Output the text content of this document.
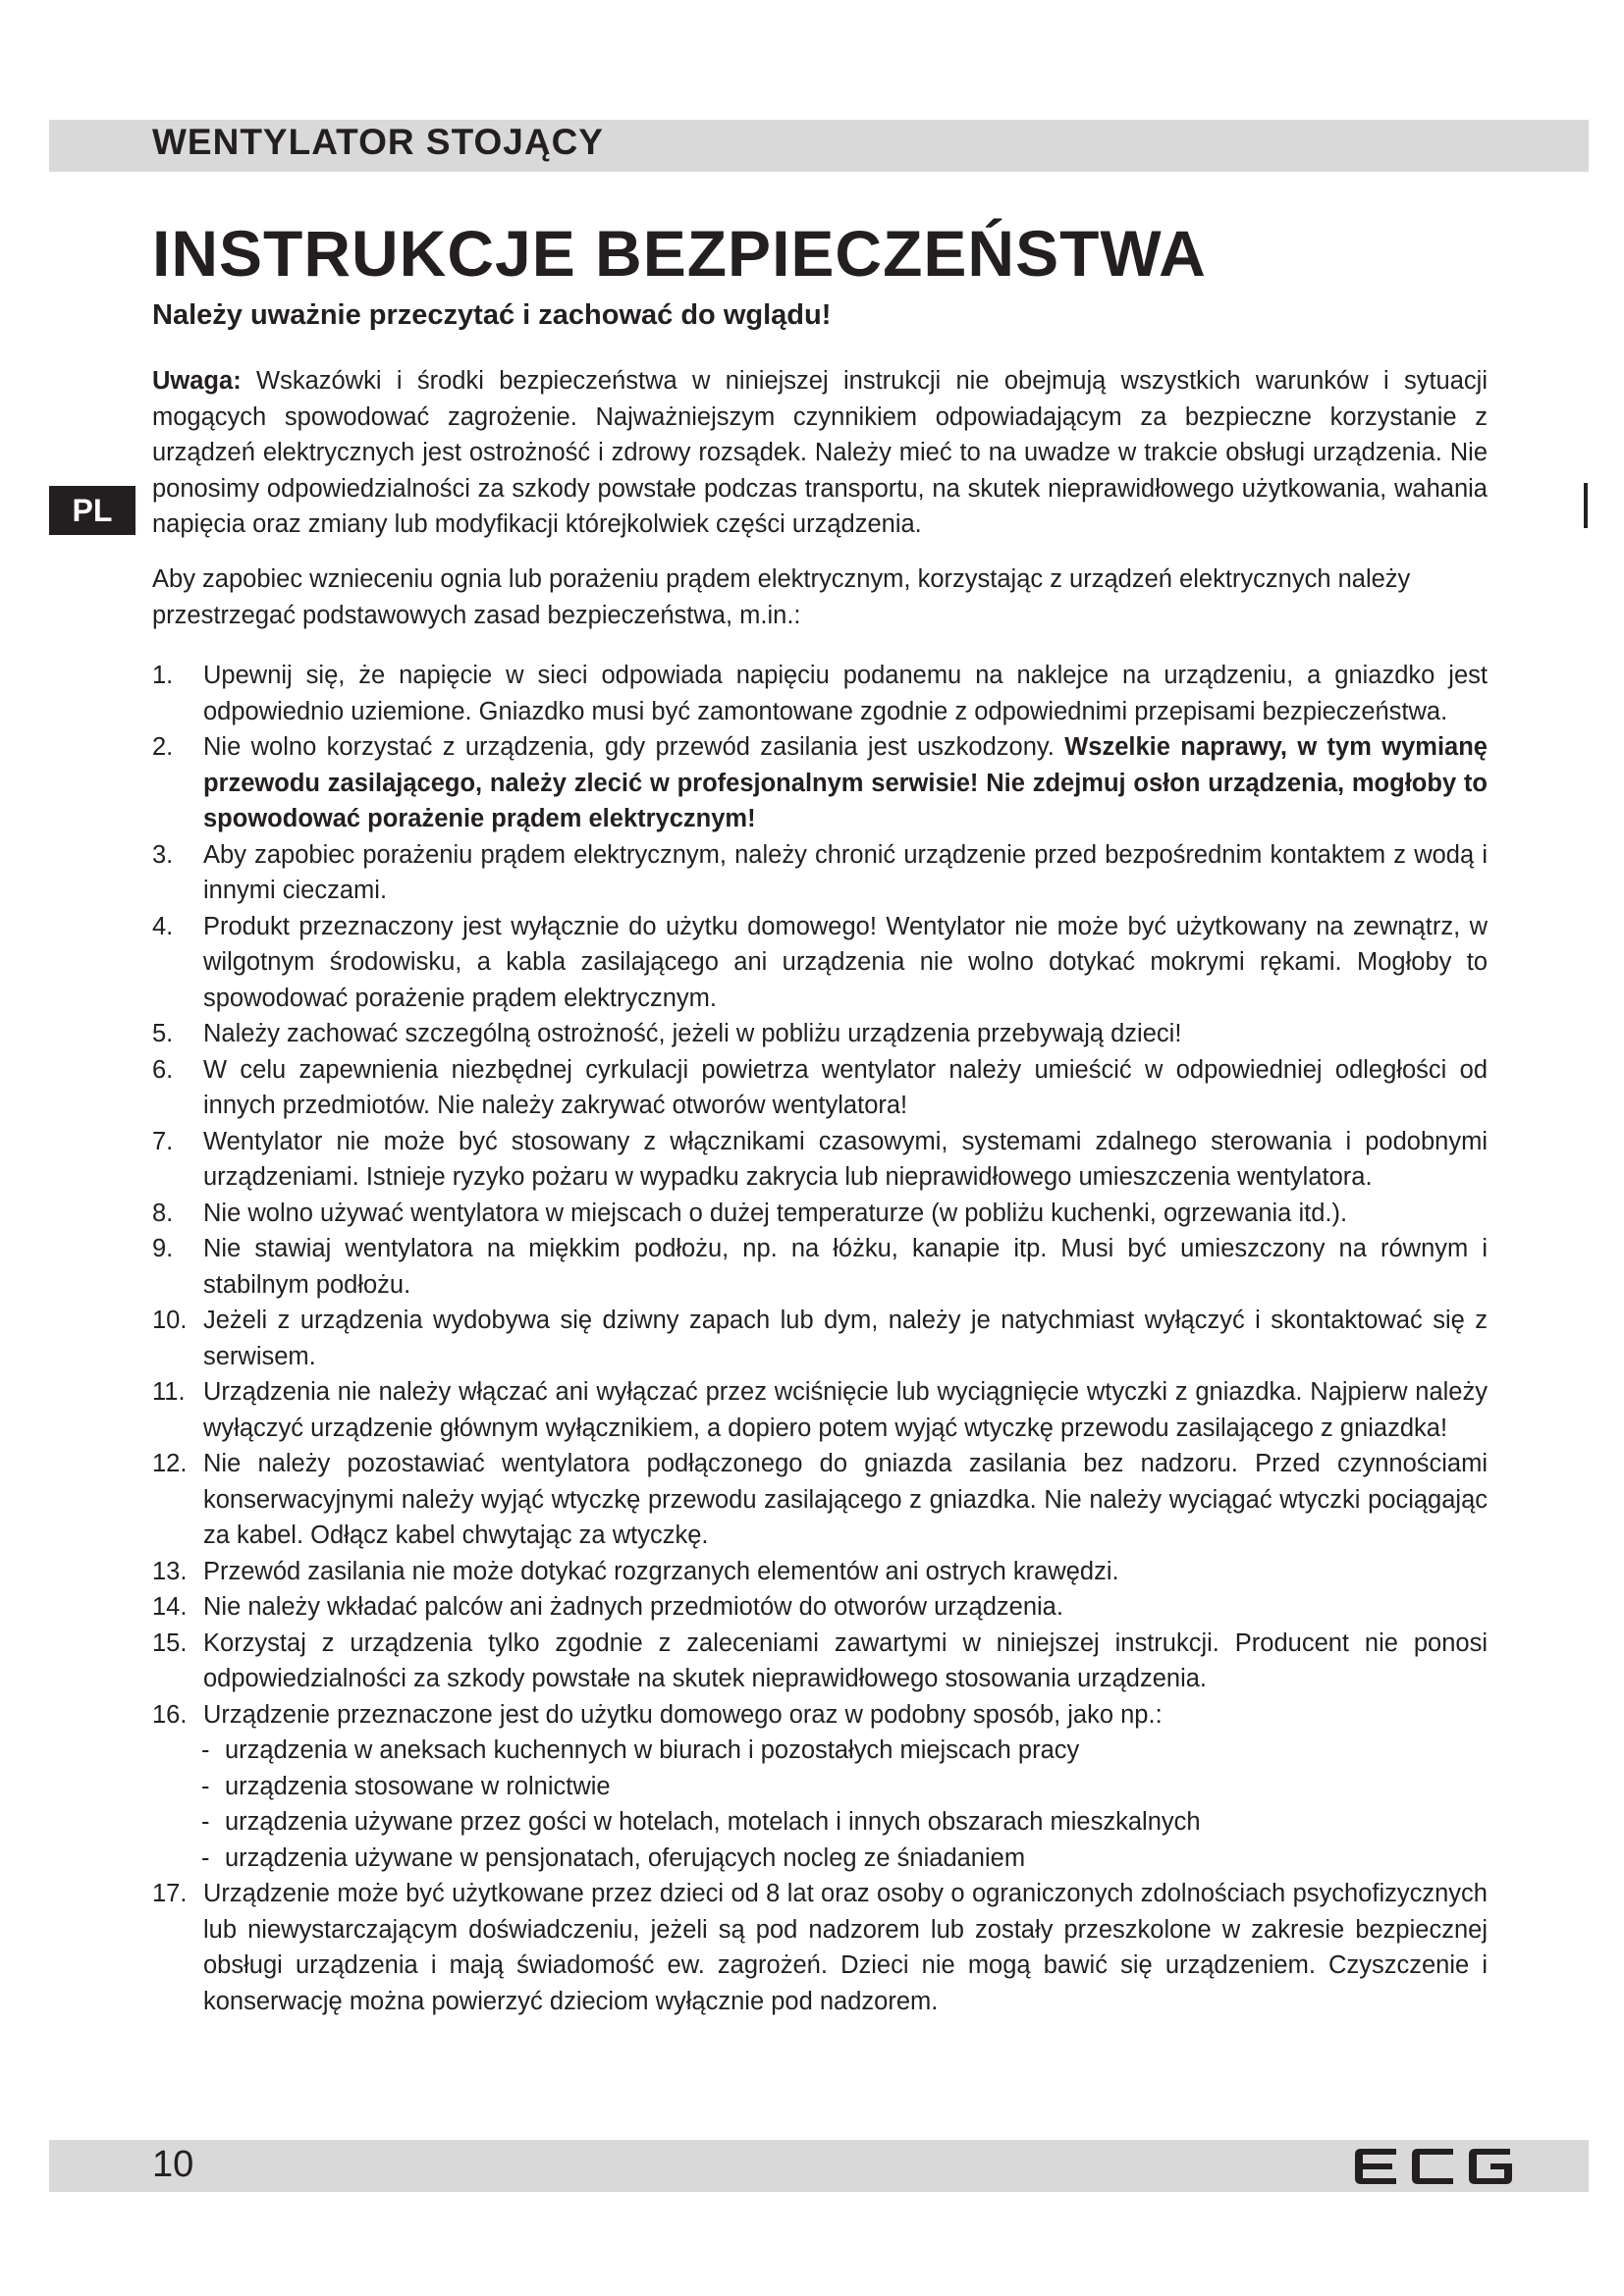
WENTYLATOR STOJĄCY
INSTRUKCJE BEZPIECZEŃSTWA
Należy uważnie przeczytać i zachować do wglądu!
PL

Uwaga: Wskazówki i środki bezpieczeństwa w niniejszej instrukcji nie obejmują wszystkich warunków i sytuacji mogących spowodować zagrożenie. Najważniejszym czynnikiem odpowiadającym za bezpieczne korzystanie z urządzeń elektrycznych jest ostrożność i zdrowy rozsądek. Należy mieć to na uwadze w trakcie obsługi urządzenia. Nie ponosimy odpowiedzialności za szkody powstałe podczas transportu, na skutek nieprawidłowego użytkowania, wahania napięcia oraz zmiany lub modyfikacji którejkolwiek części urządzenia.

Aby zapobiec wznieceniu ognia lub porażeniu prądem elektrycznym, korzystając z urządzeń elektrycznych należy przestrzegać podstawowych zasad bezpieczeństwa, m.in.:

1. Upewnij się, że napięcie w sieci odpowiada napięciu podanemu na naklejce na urządzeniu, a gniazdko jest odpowiednio uziemione. Gniazdko musi być zamontowane zgodnie z odpowiednimi przepisami bezpieczeństwa.
2. Nie wolno korzystać z urządzenia, gdy przewód zasilania jest uszkodzony. Wszelkie naprawy, w tym wymianę przewodu zasilającego, należy zlecić w profesjonalnym serwisie! Nie zdejmuj osłon urządzenia, mogłoby to spowodować porażenie prądem elektrycznym!
3. Aby zapobiec porażeniu prądem elektrycznym, należy chronić urządzenie przed bezpośrednim kontaktem z wodą i innymi cieczami.
4. Produkt przeznaczony jest wyłącznie do użytku domowego! Wentylator nie może być użytkowany na zewnątrz, w wilgotnym środowisku, a kabla zasilającego ani urządzenia nie wolno dotykać mokrymi rękami. Mogłoby to spowodować porażenie prądem elektrycznym.
5. Należy zachować szczególną ostrożność, jeżeli w pobliżu urządzenia przebywają dzieci!
6. W celu zapewnienia niezbędnej cyrkulacji powietrza wentylator należy umieścić w odpowiedniej odległości od innych przedmiotów. Nie należy zakrywać otworów wentylatora!
7. Wentylator nie może być stosowany z włącznikami czasowymi, systemami zdalnego sterowania i podobnymi urządzeniami. Istnieje ryzyko pożaru w wypadku zakrycia lub nieprawidłowego umieszczenia wentylatora.
8. Nie wolno używać wentylatora w miejscach o dużej temperaturze (w pobliżu kuchenki, ogrzewania itd.).
9. Nie stawiaj wentylatora na miękkim podłożu, np. na łóżku, kanapie itp. Musi być umieszczony na równym i stabilnym podłożu.
10. Jeżeli z urządzenia wydobywa się dziwny zapach lub dym, należy je natychmiast wyłączyć i skontaktować się z serwisem.
11. Urządzenia nie należy włączać ani wyłączać przez wciśnięcie lub wyciągnięcie wtyczki z gniazdka. Najpierw należy wyłączyć urządzenie głównym wyłącznikiem, a dopiero potem wyjąć wtyczkę przewodu zasilającego z gniazdka!
12. Nie należy pozostawiać wentylatora podłączonego do gniazda zasilania bez nadzoru. Przed czynnościami konserwacyjnymi należy wyjąć wtyczkę przewodu zasilającego z gniazdka. Nie należy wyciągać wtyczki pociągając za kabel. Odłącz kabel chwytając za wtyczkę.
13. Przewód zasilania nie może dotykać rozgrzanych elementów ani ostrych krawędzi.
14. Nie należy wkładać palców ani żadnych przedmiotów do otworów urządzenia.
15. Korzystaj z urządzenia tylko zgodnie z zaleceniami zawartymi w niniejszej instrukcji. Producent nie ponosi odpowiedzialności za szkody powstałe na skutek nieprawidłowego stosowania urządzenia.
16. Urządzenie przeznaczone jest do użytku domowego oraz w podobny sposób, jako np.:
- urządzenia w aneksach kuchennych w biurach i pozostałych miejscach pracy
- urządzenia stosowane w rolnictwie
- urządzenia używane przez gości w hotelach, motelach i innych obszarach mieszkalnych
- urządzenia używane w pensjonatach, oferujących nocleg ze śniadaniem
17. Urządzenie może być użytkowane przez dzieci od 8 lat oraz osoby o ograniczonych zdolnościach psychofizycznych lub niewystarczającym doświadczeniu, jeżeli są pod nadzorem lub zostały przeszkolone w zakresie bezpiecznej obsługi urządzenia i mają świadomość ew. zagrożeń. Dzieci nie mogą bawić się urządzeniem. Czyszczenie i konserwację można powierzyć dzieciom wyłącznie pod nadzorem.
10
